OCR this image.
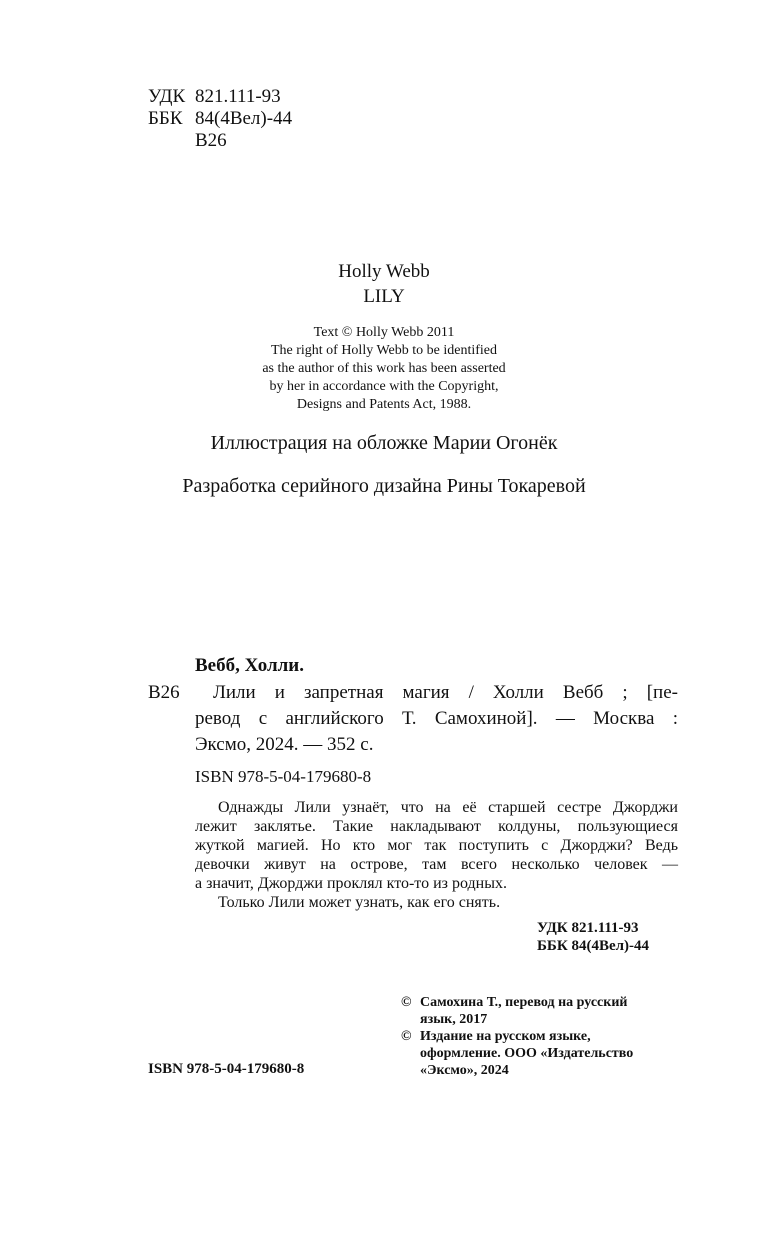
УДК 821.111-93
ББК 84(4Вел)-44
В26
Holly Webb
LILY
Text © Holly Webb 2011
The right of Holly Webb to be identified
as the author of this work has been asserted
by her in accordance with the Copyright,
Designs and Patents Act, 1988.
Иллюстрация на обложке Марии Огонёк
Разработка серийного дизайна Рины Токаревой
Вебб, Холли.
В26 Лили и запретная магия / Холли Вебб ; [пе-
ревод с английского Т. Самохиной]. — Москва :
Эксмо, 2024. — 352 с.
ISBN 978-5-04-179680-8
Однажды Лили узнаёт, что на её старшей сестре Джорджи
лежит заклятье. Такие накладывают колдуны, пользующиеся
жуткой магией. Но кто мог так поступить с Джорджи? Ведь
девочки живут на острове, там всего несколько человек —
а значит, Джорджи проклял кто-то из родных.
Только Лили может узнать, как его снять.
УДК 821.111-93
ББК 84(4Вел)-44
© Самохина Т., перевод на русский
язык, 2017
© Издание на русском языке,
оформление. ООО «Издательство
«Эксмо», 2024
ISBN 978-5-04-179680-8
